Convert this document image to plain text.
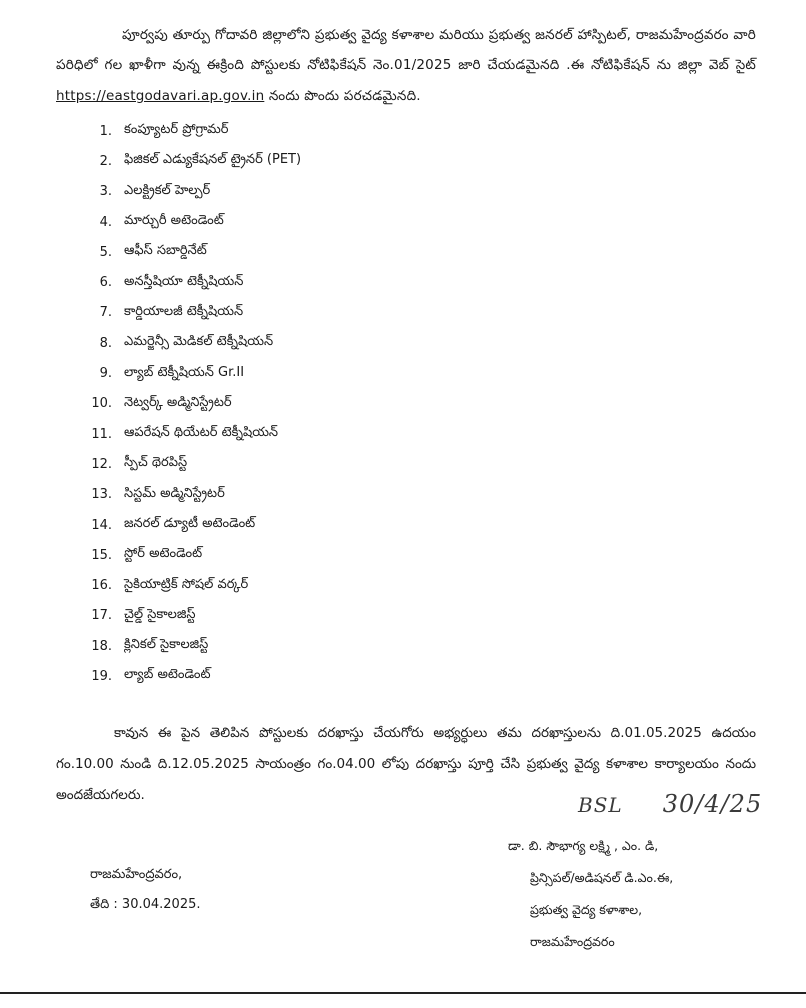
పూర్వపు తూర్పు గోదావరి జిల్లాలోని ప్రభుత్వ వైద్య కళాశాల మరియు ప్రభుత్వ జనరల్ హాస్పిటల్, రాజమహేంద్రవరం వారి పరిధిలో గల ఖాళీగా వున్న ఈక్రింది పోస్టులకు నోటిఫికేషన్ నెం.01/2025 జారి చేయడమైనది .ఈ నోటిఫికేషన్ ను జిల్లా వెబ్ సైట్ https://eastgodavari.ap.gov.in నందు పొందు పరచడమైనది.

1. కంప్యూటర్ ప్రోగ్రామర్
2. ఫిజికల్ ఎడ్యుకేషనల్ ట్రైనర్ (PET)
3. ఎలక్ట్రికల్ హెల్పర్
4. మార్చురీ అటెండెంట్
5. ఆఫీస్ సబార్డినేట్
6. అనస్తీషియా టెక్నీషియన్
7. కార్డియాలజీ టెక్నీషియన్
8. ఎమర్జెన్సీ మెడికల్ టెక్నీషియన్
9. ల్యాబ్ టెక్నీషియన్ Gr.II
10. నెట్వర్క్ అడ్మినిస్ట్రేటర్
11. ఆపరేషన్ థియేటర్ టెక్నీషియన్
12. స్పీచ్ థెరపిస్ట్
13. సిస్టమ్ అడ్మినిస్ట్రేటర్
14. జనరల్ డ్యూటీ అటెండెంట్
15. స్టోర్ అటెండెంట్
16. సైకియాట్రిక్ సోషల్ వర్కర్
17. చైల్డ్ సైకాలజిస్ట్
18. క్లినికల్ సైకాలజిస్ట్
19. ల్యాబ్ అటెండెంట్

కావున ఈ పైన తెలిపిన పోస్టులకు దరఖాస్తు చేయగోరు అభ్యర్ధులు తమ దరఖాస్తులను ది.01.05.2025 ఉదయం గం.10.00 నుండి ది.12.05.2025 సాయంత్రం గం.04.00 లోపు దరఖాస్తు పూర్తి చేసి ప్రభుత్వ వైద్య కళాశాల కార్యాలయం నందు అందజేయగలరు.	BSL 30/4/25
రాజమహేంద్రవరం,
తేది : 30.04.2025.
డా. బి. సౌభాగ్య లక్ష్మి , ఎం. డి,
ప్రిన్సిపల్/అడిషనల్ డి.ఎం.ఈ,
ప్రభుత్వ వైద్య కళాశాల,
రాజమహేంద్రవరం
